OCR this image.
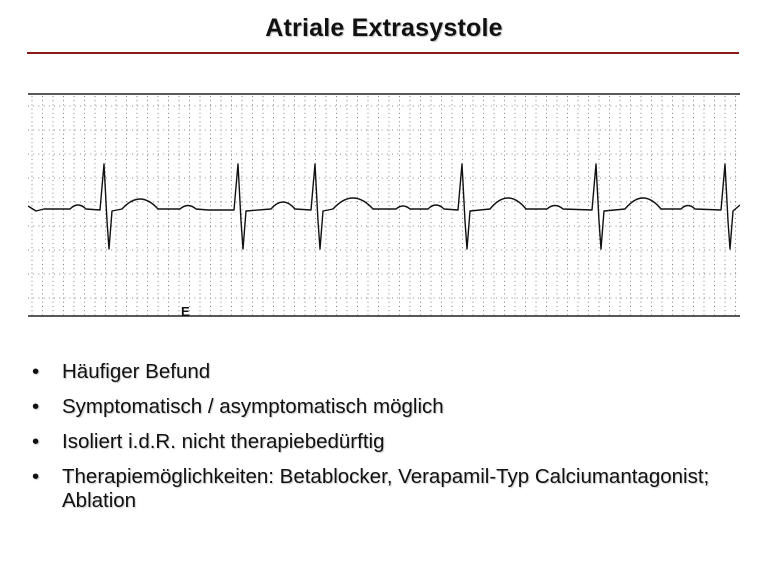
Atriale Extrasystole
E
• Häufiger Befund
• Symptomatisch / asymptomatisch möglich
• Isoliert i.d.R. nicht therapiebedürftig
• Therapiemöglichkeiten: Betablocker, Verapamil-Typ Calciumantagonist; Ablation
